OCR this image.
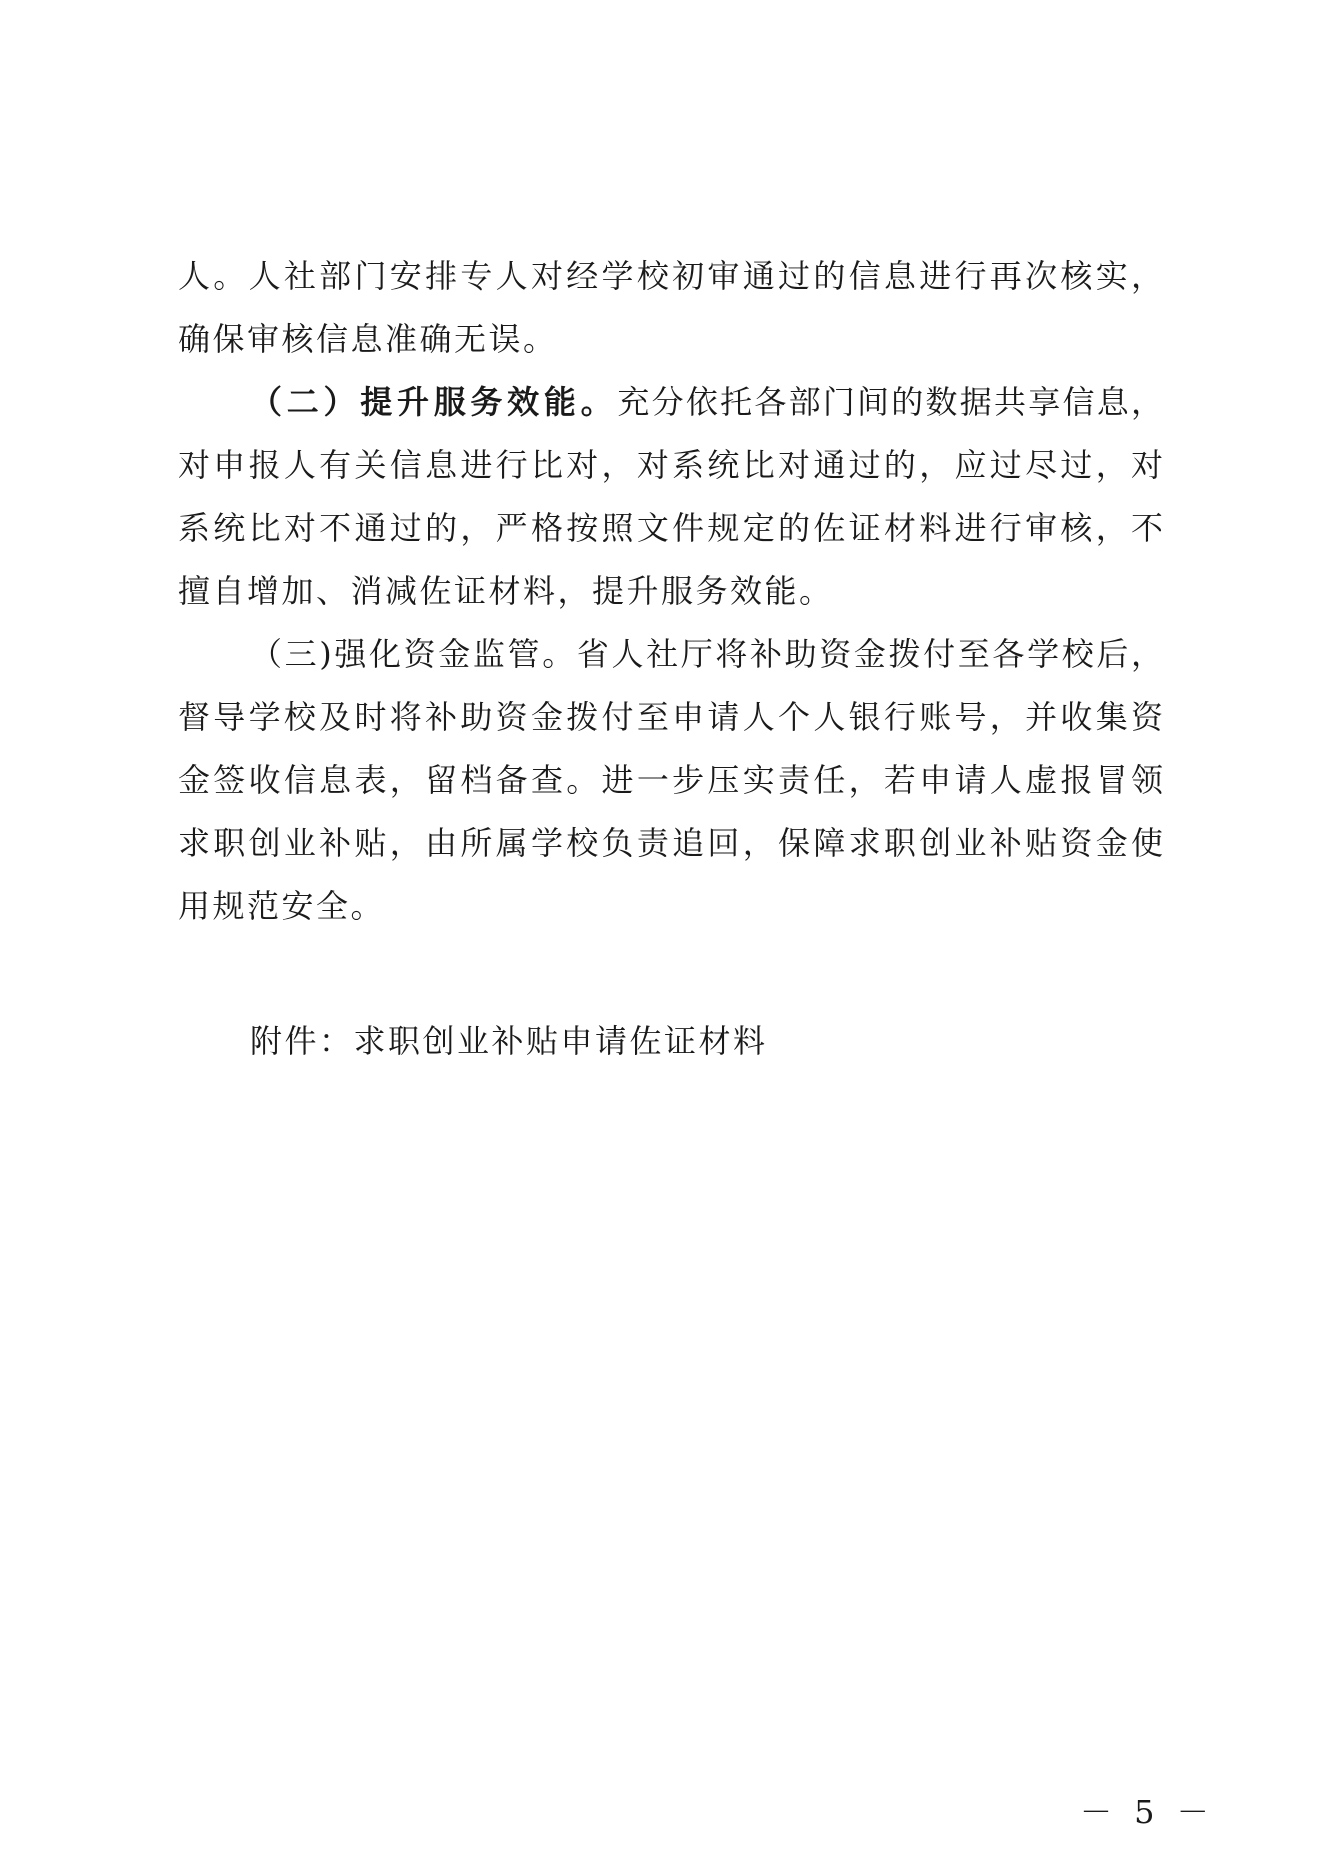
人。人社部门安排专人对经学校初审通过的信息进行再次核实，
确保审核信息准确无误。
（二）提升服务效能。充分依托各部门间的数据共享信息，
对申报人有关信息进行比对，对系统比对通过的，应过尽过，对
系统比对不通过的，严格按照文件规定的佐证材料进行审核，不
擅自增加、消减佐证材料，提升服务效能。
（三)强化资金监管。省人社厅将补助资金拨付至各学校后，
督导学校及时将补助资金拨付至申请人个人银行账号，并收集资
金签收信息表，留档备查。进一步压实责任，若申请人虚报冒领
求职创业补贴，由所属学校负责追回，保障求职创业补贴资金使
用规范安全。
附件：求职创业补贴申请佐证材料
－ 5 －
